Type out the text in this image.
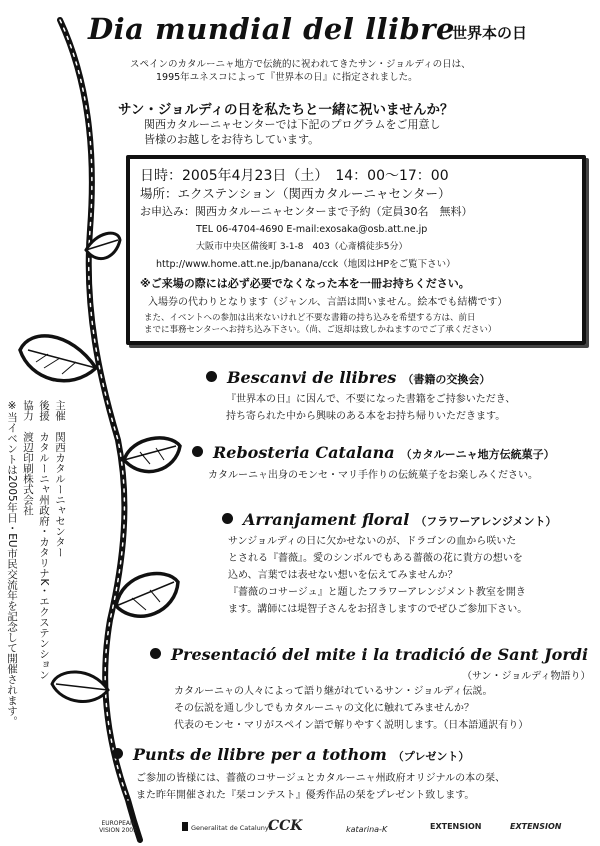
Dia mundial del llibre
世界本の日
スペインのカタルーニャ地方で伝統的に祝われてきたサン・ジョルディの日は、
1995年ユネスコによって『世界本の日』に指定されました。
サン・ジョルディの日を私たちと一緒に祝いませんか？
関西カタルーニャセンターでは下記のプログラムをご用意し
皆様のお越しをお待ちしています。
日時：2005年4月23日（土）　14：00～17：00
場所：エクステンション（関西カタルーニャセンター）
お申込み：関西カタルーニャセンターまで予約（定員30名　無料）
TEL 06-4704-4690 E-mail:exosaka@osb.att.ne.jp
大阪市中央区備後町 3-1-8　403（心斎橋徒歩5分）
http://www.home.att.ne.jp/banana/cck（地図はHPをご覧下さい）
※ご来場の際には必ず必要でなくなった本を一冊お持ちください。
入場券の代わりとなります（ジャンル、言語は問いません。絵本でも結構です）
また、イベントへの参加は出来ないけれど不要な書籍の持ち込みを希望する方は、前日
までに事務センターへお持ち込み下さい。（尚、ご返却は致しかねますのでご了承ください）
Bescanvi de llibres （書籍の交換会）
『世界本の日』に因んで、不要になった書籍をご持参いただき、
持ち寄られた中から興味のある本をお持ち帰りいただきます。
Rebosteria Catalana （カタルーニャ地方伝統菓子）
カタルーニャ出身のモンセ・マリ手作りの伝統菓子をお楽しみください。
Arranjament floral （フラワーアレンジメント）
サンジョルディの日に欠かせないのが、ドラゴンの血から咲いた
とされる『薔薇』。愛のシンボルでもある薔薇の花に貴方の想いを
込め、言葉では表せない想いを伝えてみませんか？
『薔薇のコサージュ』と題したフラワーアレンジメント教室を開き
ます。講師には堤智子さんをお招きしますのでぜひご参加下さい。
Presentació del mite i la tradició de Sant Jordi
（サン・ジョルディ物語り）
カタルーニャの人々によって語り継がれているサン・ジョルディ伝説。
その伝説を通し少しでもカタルーニャの文化に触れてみませんか？
代表のモンセ・マリがスペイン語で解りやすく説明します。（日本語通訳有り）
Punts de llibre per a tothom （プレゼント）
ご参加の皆様には、薔薇のコサージュとカタルーニャ州政府オリジナルの本の栞、
また昨年開催された『栞コンテスト』優秀作品の栞をプレゼント致します。
主催　関西カタルーニャセンター
後援　カタルーニャ州政府・カタリナK・エクステンション
協力　渡辺印刷株式会社
※当イベントは2005年日・EU市民交流年を記念して開催されます。
EUROPEAN VISION 2005	Generalitat de Catalunya
CCK	katarina-K	EXTENSION	EXTENSION
